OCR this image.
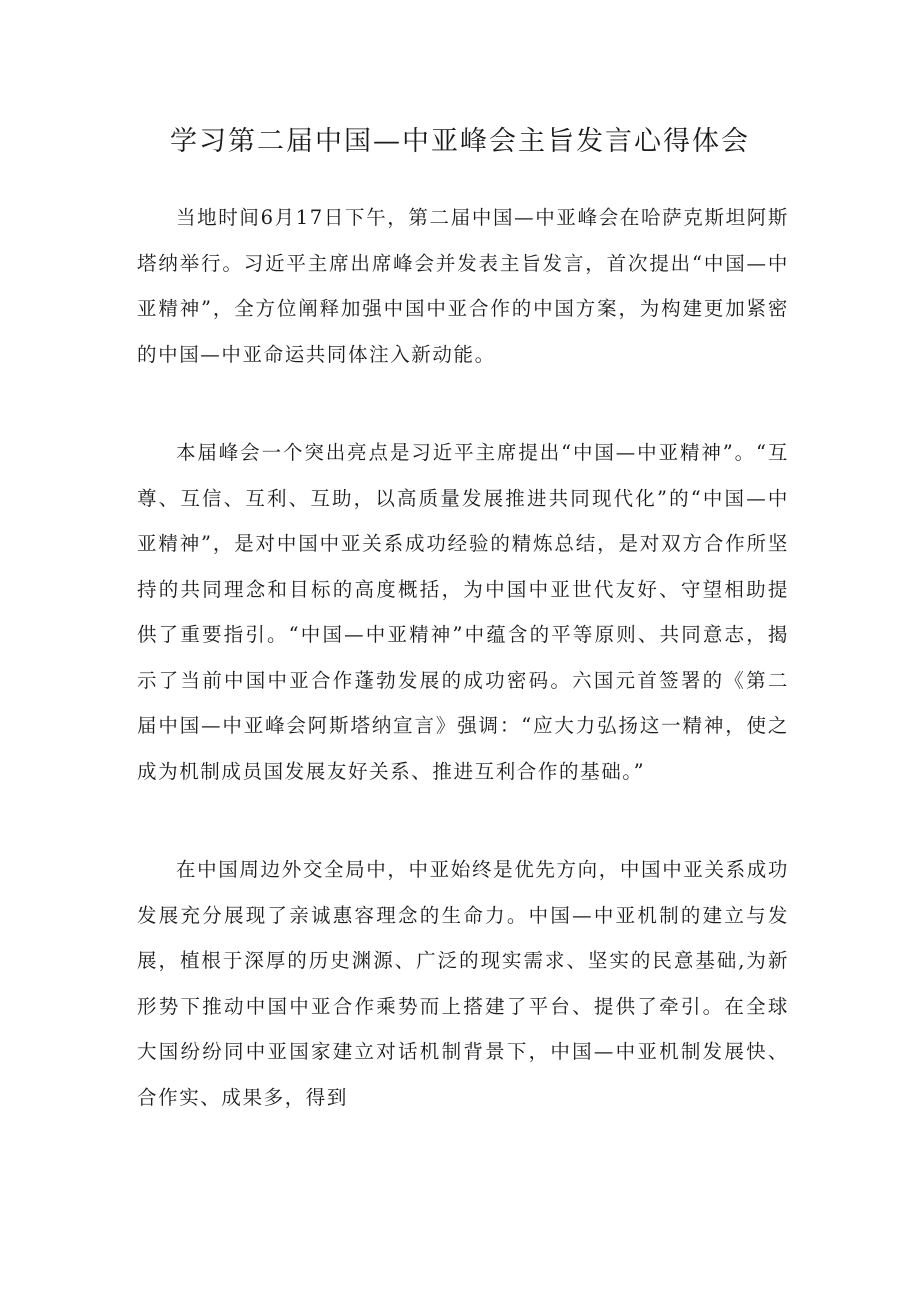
学习第二届中国—中亚峰会主旨发言心得体会

当地时间6月17日下午，第二届中国—中亚峰会在哈萨克斯坦阿斯塔纳举行。习近平主席出席峰会并发表主旨发言，首次提出“中国—中亚精神”，全方位阐释加强中国中亚合作的中国方案，为构建更加紧密的中国—中亚命运共同体注入新动能。

本届峰会一个突出亮点是习近平主席提出“中国—中亚精神”。“互尊、互信、互利、互助，以高质量发展推进共同现代化”的“中国—中亚精神”，是对中国中亚关系成功经验的精炼总结，是对双方合作所坚持的共同理念和目标的高度概括，为中国中亚世代友好、守望相助提供了重要指引。“中国—中亚精神”中蕴含的平等原则、共同意志，揭示了当前中国中亚合作蓬勃发展的成功密码。六国元首签署的《第二届中国—中亚峰会阿斯塔纳宣言》强调：“应大力弘扬这一精神，使之成为机制成员国发展友好关系、推进互利合作的基础。”

在中国周边外交全局中，中亚始终是优先方向，中国中亚关系成功发展充分展现了亲诚惠容理念的生命力。中国—中亚机制的建立与发展，植根于深厚的历史渊源、广泛的现实需求、坚实的民意基础,为新形势下推动中国中亚合作乘势而上搭建了平台、提供了牵引。在全球大国纷纷同中亚国家建立对话机制背景下，中国—中亚机制发展快、合作实、成果多，得到
